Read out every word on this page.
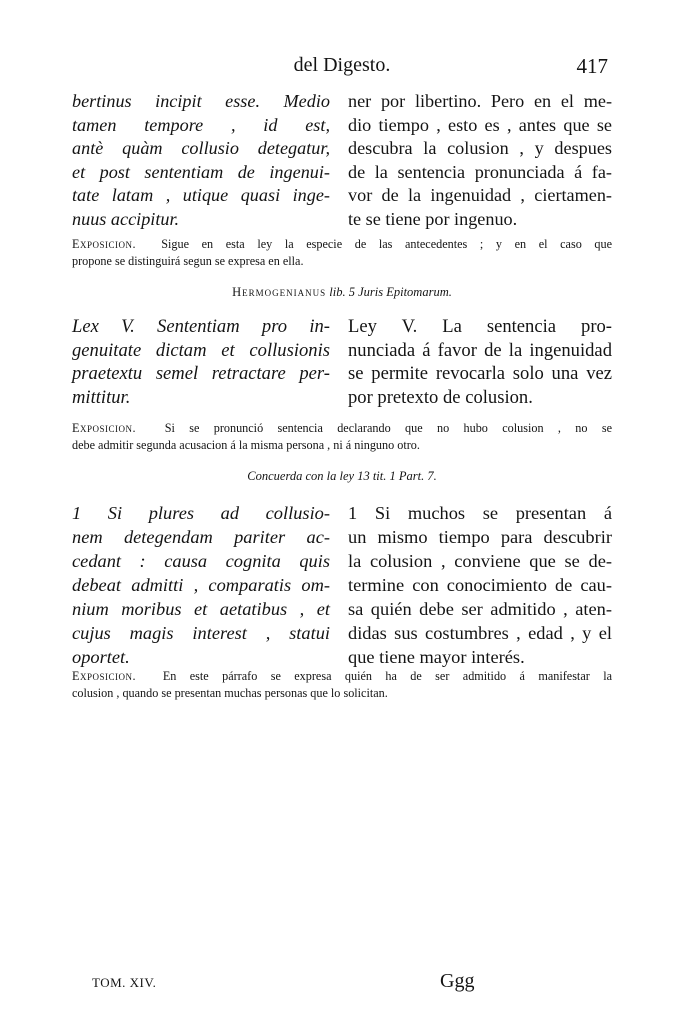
del Digesto.	417
bertinus incipit esse. Medio
tamen tempore , id est,
antè quàm collusio detegatur,
et post sententiam de ingenui-
tate latam , utique quasi inge-
nuus accipitur.
ner por libertino. Pero en el me-
dio tiempo , esto es , antes que se
descubra la colusion , y despues
de la sentencia pronunciada á fa-
vor de la ingenuidad , ciertamen-
te se tiene por ingenuo.
Exposicion. Sigue en esta ley la especie de las antecedentes ; y en el caso que
propone se distinguirá segun se expresa en ella.
Hermogenianus lib. 5 Juris Epitomarum.
Lex V. Sententiam pro in-
genuitate dictam et collusionis
praetextu semel retractare per-
mittitur.
Ley V. La sentencia pro-
nunciada á favor de la ingenuidad
se permite revocarla solo una vez
por pretexto de colusion.
Exposicion. Si se pronunció sentencia declarando que no hubo colusion , no se
debe admitir segunda acusacion á la misma persona , ni á ninguno otro.
Concuerda con la ley 13 tit. 1 Part. 7.
1 Si plures ad collusio-
nem detegendam pariter ac-
cedant : causa cognita quis
debeat admitti , comparatis om-
nium moribus et aetatibus , et
cujus magis interest , statui
oportet.
1 Si muchos se presentan á
un mismo tiempo para descubrir
la colusion , conviene que se de-
termine con conocimiento de cau-
sa quién debe ser admitido , aten-
didas sus costumbres , edad , y el
que tiene mayor interés.
Exposicion. En este párrafo se expresa quién ha de ser admitido á manifestar la
colusion , quando se presentan muchas personas que lo solicitan.
TOM. XIV.	Ggg
